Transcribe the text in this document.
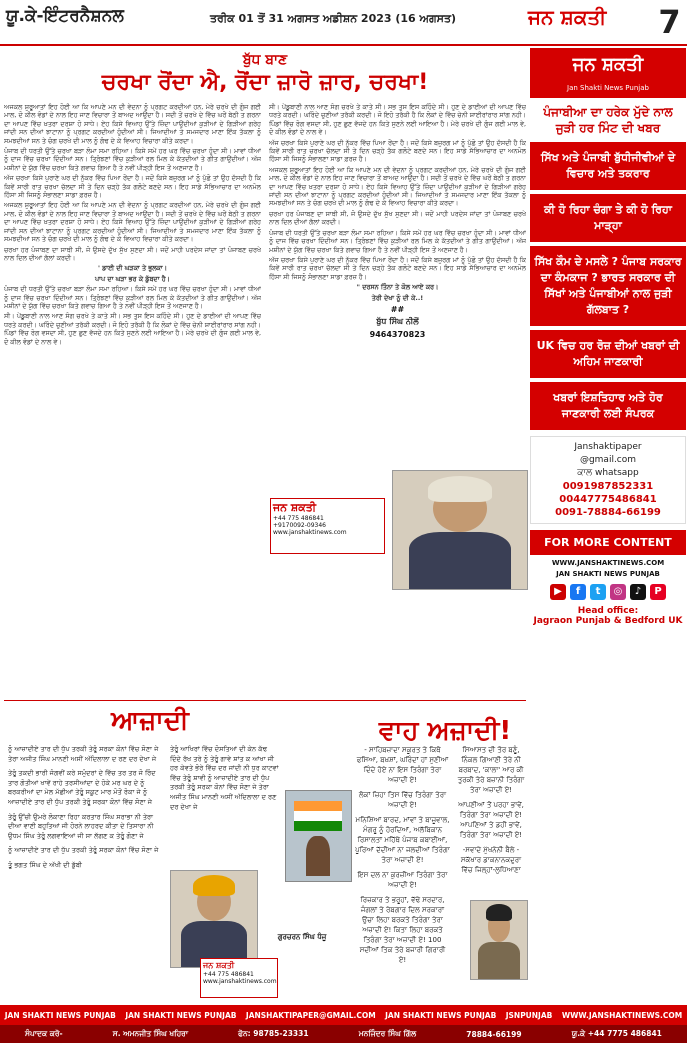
ਯੂ.ਕੇ-ਇੰਟਰਨੈਸ਼ਨਲ	ਤਰੀਕ 01 ਤੋਂ 31 ਅਗਸਤ ਅਡੀਸ਼ਨ 2023 (16 ਅਗਸਤ)	ਜਨ ਸ਼ਕਤੀ 7
ਬੁੱਧ ਬਾਣ
ਚਰਖਾ ਰੋਂਦਾ ਐ, ਰੋਂਦਾ ਜ਼ਾਰੋ ਜ਼ਾਰ, ਚਰਖਾ!

ਅਜਕਲ ਸ਼ੁਰੂਆਤਾਂ ਇਹ ਹੋਈ ਆ ਕਿ ਆਪਣੇ ਮਨ ਦੀ ਵੇਦਨਾ ਨੂੰ ਪ੍ਰਗਟ ਕਰਦੀਆਂ ਹਨ, ਮੇਰੇ ਚਰਖੇ ਦੀ ਗੁੰਜ ਗਈ ਮਾਲ, ਦੋ ਕੀਲ ਵੰਡਾਂ ਦੇ ਨਾਲ ਇਹ ਜਾਣ ਵਿਚਾਰਾ ਤੋਂ ਬਾਅਦ ਆਉਂਦਾ ਹੈ। ਸਦੀ ਤੋਂ ਚਰਖੇ ਦੇ ਵਿੱਚ ਘਰੋਂ ਬੇਠੀ ਤ ਗਰਨਾ ਦਾ ਆਪਣ ਵਿੱਚ ਖ਼ਤਰਾ ਦਰਸ਼ਾ ਹੋ ਸਾਧੇ। ਏਹ ਕਿਸੇ ਵਿਆਹ ਉੱਤੇ ਜ਼ਿੰਦਾ ਪਾਉਂਦੀਆਂ ਕੁੜੀਆਂ ਦੇ ਗਿੜੀਆਂ ਗਰੇਹ ਜਾਂਦੀ ਸਨ ਦੀਆਂ ਝਾਟਾਨਾ ਨੂੰ ਪ੍ਰਗਟ ਕਰਦੀਆਂ ਹੁੰਦੀਆਂ ਸੀ। ਜਿਆਦੀਆਂ ਤੇ ਸਮਜਦਾਰ ਮਾਣਾ ਇੱਕ ਤੱਕਲਾ ਨੂੰ ਸਮਝਦੀਆਂ ਸਨ ਤੇ ਚੰਗ ਚਰਖੇ ਦੀ ਮਾਲ ਨੂੰ ਗੰਢ ਦੇ ਕੇ ਵਿਆਹ ਵਿਚਾਰਾ ਕੀਤੇ ਕਰਦਾ।

ਪੰਜਾਬ ਦੀ ਧਰਤੀ ਉੱਤੇ ਚਰਖਾ ਬੜਾ ਲੰਮਾ ਸਮਾ ਰਹਿਆ। ਕਿਸੇ ਸਮੇਂ ਹਰ ਘਰ ਵਿੱਚ ਚਰਖਾ ਹੁੰਦਾ ਸੀ। ਮਾਵਾਂ ਧੀਆਂ ਨੂੰ ਦਾਜ ਵਿੱਚ ਚਰਖਾ ਦਿੰਦੀਆਂ ਸਨ। ਤ੍ਰਿੰਝਣਾਂ ਵਿੱਚ ਕੁੜੀਆਂ ਰਲ ਮਿਲ ਕੇ ਕੱਤਦੀਆਂ ਤੇ ਗੀਤ ਗਾਉਂਦੀਆਂ। ਅੱਜ ਮਸ਼ੀਨਾਂ ਦੇ ਯੁੱਗ ਵਿੱਚ ਚਰਖਾ ਕਿਤੇ ਗਵਾਚ ਗਿਆ ਹੈ ਤੇ ਨਵੀਂ ਪੀੜ੍ਹੀ ਇਸ ਤੋਂ ਅਣਜਾਣ ਹੈ।

ਅੱਜ ਚਰਖਾ ਕਿਸੇ ਪੁਰਾਣੇ ਘਰ ਦੀ ਨੁੱਕਰ ਵਿੱਚ ਪਿਆ ਰੋਂਦਾ ਹੈ। ਜਦੋਂ ਕਿਸੇ ਬਜ਼ੁਰਗ ਮਾਂ ਨੂੰ ਪੁੱਛੋ ਤਾਂ ਉਹ ਦੱਸਦੀ ਹੈ ਕਿ ਕਿਵੇਂ ਸਾਰੀ ਰਾਤ ਚਰਖਾ ਚੱਲਦਾ ਸੀ ਤੇ ਦਿਨ ਚੜ੍ਹੇ ਤੱਕ ਗਲੋਟੇ ਬਣਦੇ ਸਨ। ਇਹ ਸਾਡੇ ਸੱਭਿਆਚਾਰ ਦਾ ਅਨਮੋਲ ਹਿੱਸਾ ਸੀ ਜਿਸਨੂੰ ਸੰਭਾਲਣਾ ਸਾਡਾ ਫ਼ਰਜ਼ ਹੈ।

ਅਜਕਲ ਸ਼ੁਰੂਆਤਾਂ ਇਹ ਹੋਈ ਆ ਕਿ ਆਪਣੇ ਮਨ ਦੀ ਵੇਦਨਾ ਨੂੰ ਪ੍ਰਗਟ ਕਰਦੀਆਂ ਹਨ, ਮੇਰੇ ਚਰਖੇ ਦੀ ਗੁੰਜ ਗਈ ਮਾਲ, ਦੋ ਕੀਲ ਵੰਡਾਂ ਦੇ ਨਾਲ ਇਹ ਜਾਣ ਵਿਚਾਰਾ ਤੋਂ ਬਾਅਦ ਆਉਂਦਾ ਹੈ। ਸਦੀ ਤੋਂ ਚਰਖੇ ਦੇ ਵਿੱਚ ਘਰੋਂ ਬੇਠੀ ਤ ਗਰਨਾ ਦਾ ਆਪਣ ਵਿੱਚ ਖ਼ਤਰਾ ਦਰਸ਼ਾ ਹੋ ਸਾਧੇ। ਏਹ ਕਿਸੇ ਵਿਆਹ ਉੱਤੇ ਜ਼ਿੰਦਾ ਪਾਉਂਦੀਆਂ ਕੁੜੀਆਂ ਦੇ ਗਿੜੀਆਂ ਗਰੇਹ ਜਾਂਦੀ ਸਨ ਦੀਆਂ ਝਾਟਾਨਾ ਨੂੰ ਪ੍ਰਗਟ ਕਰਦੀਆਂ ਹੁੰਦੀਆਂ ਸੀ। ਜਿਆਦੀਆਂ ਤੇ ਸਮਜਦਾਰ ਮਾਣਾ ਇੱਕ ਤੱਕਲਾ ਨੂੰ ਸਮਝਦੀਆਂ ਸਨ ਤੇ ਚੰਗ ਚਰਖੇ ਦੀ ਮਾਲ ਨੂੰ ਗੰਢ ਦੇ ਕੇ ਵਿਆਹ ਵਿਚਾਰਾ ਕੀਤੇ ਕਰਦਾ।

ਚਰਖਾ ਹਰ ਪੰਜਾਬਣ ਦਾ ਸਾਥੀ ਸੀ, ਜੋ ਉਸਦੇ ਦੁੱਖ ਸੁੱਖ ਸੁਣਦਾ ਸੀ। ਜਦੋਂ ਮਾਹੀ ਪਰਦੇਸ ਜਾਂਦਾ ਤਾਂ ਪੰਜਾਬਣ ਚਰਖੇ ਨਾਲ ਦਿਲ ਦੀਆਂ ਗੱਲਾਂ ਕਰਦੀ।

' ਡਾਈ ਦੀ ਘੜਕਾ ਤੇ ਭੁਲਕਾ।

ਪਾਪ ਦਾ ਘੜਾ ਭਰ ਕੇ ਡੁੱਬਦਾ ਹੈ।

ਪੰਜਾਬ ਦੀ ਧਰਤੀ ਉੱਤੇ ਚਰਖਾ ਬੜਾ ਲੰਮਾ ਸਮਾ ਰਹਿਆ। ਕਿਸੇ ਸਮੇਂ ਹਰ ਘਰ ਵਿੱਚ ਚਰਖਾ ਹੁੰਦਾ ਸੀ। ਮਾਵਾਂ ਧੀਆਂ ਨੂੰ ਦਾਜ ਵਿੱਚ ਚਰਖਾ ਦਿੰਦੀਆਂ ਸਨ। ਤ੍ਰਿੰਝਣਾਂ ਵਿੱਚ ਕੁੜੀਆਂ ਰਲ ਮਿਲ ਕੇ ਕੱਤਦੀਆਂ ਤੇ ਗੀਤ ਗਾਉਂਦੀਆਂ। ਅੱਜ ਮਸ਼ੀਨਾਂ ਦੇ ਯੁੱਗ ਵਿੱਚ ਚਰਖਾ ਕਿਤੇ ਗਵਾਚ ਗਿਆ ਹੈ ਤੇ ਨਵੀਂ ਪੀੜ੍ਹੀ ਇਸ ਤੋਂ ਅਣਜਾਣ ਹੈ।

ਸੀ। ਪੇਂਡੂਬਾਣੀ ਨਾਲ ਆਣ ਸੰਗ ਚਰਖੇ ਤੇ ਕਾਤੇ ਸੀ। ਸਭ ਤੁਸ ਇਸ ਕਹਿੰਦੇ ਸੀ। ਹੁਣ ਦੇ ਡਾਈਆਂ ਦੀ ਆਪਣ ਵਿੱਚ ਧਰਤੇ ਕਰਦੀ। ਘਰਿੰਦੇ ਚੁਣੀਆਂ ਤਰੱਕੀ ਕਰਦੀ। ਜੋ ਇਹੋ ਤਰੱਕੀ ਹੈ ਕਿ ਲੋਕਾਂ ਦੇ ਵਿੱਚ ਚੇਨੀ ਸ਼ਾਈਰਾਂਰਾਰ ਸਾਂਗ ਨਹੀ। ਪਿੰਡਾਂ ਵਿੱਚ ਰੋਗ ਵਸਦਾ ਸੀ, ਹੁਣ ਛੁਣ ਵੱਜਦੇ ਹਨ ਕਿਤੇ ਸੁਣਨੇ ਲਈ ਆਇਆ ਹੈ। ਮੇਰੇ ਚਰਖੇ ਦੀ ਗੁੰਜ ਗਈ ਮਾਲ ਵੇ, ਦੋ ਕੀਲ ਵੰਡਾਂ ਦੇ ਨਾਲ ਵੇ।

ਸੀ। ਪੇਂਡੂਬਾਣੀ ਨਾਲ ਆਣ ਸੰਗ ਚਰਖੇ ਤੇ ਕਾਤੇ ਸੀ। ਸਭ ਤੁਸ ਇਸ ਕਹਿੰਦੇ ਸੀ। ਹੁਣ ਦੇ ਡਾਈਆਂ ਦੀ ਆਪਣ ਵਿੱਚ ਧਰਤੇ ਕਰਦੀ। ਘਰਿੰਦੇ ਚੁਣੀਆਂ ਤਰੱਕੀ ਕਰਦੀ। ਜੋ ਇਹੋ ਤਰੱਕੀ ਹੈ ਕਿ ਲੋਕਾਂ ਦੇ ਵਿੱਚ ਚੇਨੀ ਸ਼ਾਈਰਾਂਰਾਰ ਸਾਂਗ ਨਹੀ। ਪਿੰਡਾਂ ਵਿੱਚ ਰੋਗ ਵਸਦਾ ਸੀ, ਹੁਣ ਛੁਣ ਵੱਜਦੇ ਹਨ ਕਿਤੇ ਸੁਣਨੇ ਲਈ ਆਇਆ ਹੈ। ਮੇਰੇ ਚਰਖੇ ਦੀ ਗੁੰਜ ਗਈ ਮਾਲ ਵੇ, ਦੋ ਕੀਲ ਵੰਡਾਂ ਦੇ ਨਾਲ ਵੇ।

ਅੱਜ ਚਰਖਾ ਕਿਸੇ ਪੁਰਾਣੇ ਘਰ ਦੀ ਨੁੱਕਰ ਵਿੱਚ ਪਿਆ ਰੋਂਦਾ ਹੈ। ਜਦੋਂ ਕਿਸੇ ਬਜ਼ੁਰਗ ਮਾਂ ਨੂੰ ਪੁੱਛੋ ਤਾਂ ਉਹ ਦੱਸਦੀ ਹੈ ਕਿ ਕਿਵੇਂ ਸਾਰੀ ਰਾਤ ਚਰਖਾ ਚੱਲਦਾ ਸੀ ਤੇ ਦਿਨ ਚੜ੍ਹੇ ਤੱਕ ਗਲੋਟੇ ਬਣਦੇ ਸਨ। ਇਹ ਸਾਡੇ ਸੱਭਿਆਚਾਰ ਦਾ ਅਨਮੋਲ ਹਿੱਸਾ ਸੀ ਜਿਸਨੂੰ ਸੰਭਾਲਣਾ ਸਾਡਾ ਫ਼ਰਜ਼ ਹੈ।

ਅਜਕਲ ਸ਼ੁਰੂਆਤਾਂ ਇਹ ਹੋਈ ਆ ਕਿ ਆਪਣੇ ਮਨ ਦੀ ਵੇਦਨਾ ਨੂੰ ਪ੍ਰਗਟ ਕਰਦੀਆਂ ਹਨ, ਮੇਰੇ ਚਰਖੇ ਦੀ ਗੁੰਜ ਗਈ ਮਾਲ, ਦੋ ਕੀਲ ਵੰਡਾਂ ਦੇ ਨਾਲ ਇਹ ਜਾਣ ਵਿਚਾਰਾ ਤੋਂ ਬਾਅਦ ਆਉਂਦਾ ਹੈ। ਸਦੀ ਤੋਂ ਚਰਖੇ ਦੇ ਵਿੱਚ ਘਰੋਂ ਬੇਠੀ ਤ ਗਰਨਾ ਦਾ ਆਪਣ ਵਿੱਚ ਖ਼ਤਰਾ ਦਰਸ਼ਾ ਹੋ ਸਾਧੇ। ਏਹ ਕਿਸੇ ਵਿਆਹ ਉੱਤੇ ਜ਼ਿੰਦਾ ਪਾਉਂਦੀਆਂ ਕੁੜੀਆਂ ਦੇ ਗਿੜੀਆਂ ਗਰੇਹ ਜਾਂਦੀ ਸਨ ਦੀਆਂ ਝਾਟਾਨਾ ਨੂੰ ਪ੍ਰਗਟ ਕਰਦੀਆਂ ਹੁੰਦੀਆਂ ਸੀ। ਜਿਆਦੀਆਂ ਤੇ ਸਮਜਦਾਰ ਮਾਣਾ ਇੱਕ ਤੱਕਲਾ ਨੂੰ ਸਮਝਦੀਆਂ ਸਨ ਤੇ ਚੰਗ ਚਰਖੇ ਦੀ ਮਾਲ ਨੂੰ ਗੰਢ ਦੇ ਕੇ ਵਿਆਹ ਵਿਚਾਰਾ ਕੀਤੇ ਕਰਦਾ।

ਚਰਖਾ ਹਰ ਪੰਜਾਬਣ ਦਾ ਸਾਥੀ ਸੀ, ਜੋ ਉਸਦੇ ਦੁੱਖ ਸੁੱਖ ਸੁਣਦਾ ਸੀ। ਜਦੋਂ ਮਾਹੀ ਪਰਦੇਸ ਜਾਂਦਾ ਤਾਂ ਪੰਜਾਬਣ ਚਰਖੇ ਨਾਲ ਦਿਲ ਦੀਆਂ ਗੱਲਾਂ ਕਰਦੀ।

ਪੰਜਾਬ ਦੀ ਧਰਤੀ ਉੱਤੇ ਚਰਖਾ ਬੜਾ ਲੰਮਾ ਸਮਾ ਰਹਿਆ। ਕਿਸੇ ਸਮੇਂ ਹਰ ਘਰ ਵਿੱਚ ਚਰਖਾ ਹੁੰਦਾ ਸੀ। ਮਾਵਾਂ ਧੀਆਂ ਨੂੰ ਦਾਜ ਵਿੱਚ ਚਰਖਾ ਦਿੰਦੀਆਂ ਸਨ। ਤ੍ਰਿੰਝਣਾਂ ਵਿੱਚ ਕੁੜੀਆਂ ਰਲ ਮਿਲ ਕੇ ਕੱਤਦੀਆਂ ਤੇ ਗੀਤ ਗਾਉਂਦੀਆਂ। ਅੱਜ ਮਸ਼ੀਨਾਂ ਦੇ ਯੁੱਗ ਵਿੱਚ ਚਰਖਾ ਕਿਤੇ ਗਵਾਚ ਗਿਆ ਹੈ ਤੇ ਨਵੀਂ ਪੀੜ੍ਹੀ ਇਸ ਤੋਂ ਅਣਜਾਣ ਹੈ।

ਅੱਜ ਚਰਖਾ ਕਿਸੇ ਪੁਰਾਣੇ ਘਰ ਦੀ ਨੁੱਕਰ ਵਿੱਚ ਪਿਆ ਰੋਂਦਾ ਹੈ। ਜਦੋਂ ਕਿਸੇ ਬਜ਼ੁਰਗ ਮਾਂ ਨੂੰ ਪੁੱਛੋ ਤਾਂ ਉਹ ਦੱਸਦੀ ਹੈ ਕਿ ਕਿਵੇਂ ਸਾਰੀ ਰਾਤ ਚਰਖਾ ਚੱਲਦਾ ਸੀ ਤੇ ਦਿਨ ਚੜ੍ਹੇ ਤੱਕ ਗਲੋਟੇ ਬਣਦੇ ਸਨ। ਇਹ ਸਾਡੇ ਸੱਭਿਆਚਾਰ ਦਾ ਅਨਮੋਲ ਹਿੱਸਾ ਸੀ ਜਿਸਨੂੰ ਸੰਭਾਲਣਾ ਸਾਡਾ ਫ਼ਰਜ਼ ਹੈ।

" ਦਰਸਨ ਤਿੰਨਾ ਤੇ ਕੋਲ ਆਏ ਕਰ।

ਤੇਰੀ ਦੇਖਾ ਨੂੰ ਦੀ ਕੇ..!

##
ਬੁੱਧ ਸਿੰਘ ਨੀਲੋਂ
9464370823
ਜਨ ਸ਼ਕਤੀ
+44 775 486841
+9170092-09346
www.janshaktinews.com
ਜਨ ਸ਼ਕਤੀ
Jan Shakti News Punjab
ਪੰਜਾਬੀਆ ਦਾ ਹਰੇਕ ਮੁੱਦੇ ਨਾਲ ਜੁੜੀ ਹਰ ਮਿੰਟ ਦੀ ਖਬਰ
ਸਿੱਖ ਅਤੇ ਪੰਜਾਬੀ ਬੁੱਧੀਜੀਵੀਆਂ ਦੇ ਵਿਚਾਰ ਅਤੇ ਤਕਰਾਰ
ਕੀ ਹੋ ਰਿਹਾ ਚੰਗਾ ਤੇ ਕੀ ਹੋ ਰਿਹਾ ਮਾੜ੍ਹਾ
ਸਿੱਖ ਕੌਮ ਦੇ ਮਸਲੇ ? ਪੰਜਾਬ ਸਰਕਾਰ ਦਾ ਕੰਮਕਾਜ ? ਭਾਰਤ ਸਰਕਾਰ ਦੀ ਸਿੱਖਾਂ ਅਤੇ ਪੰਜਾਬੀਆਂ ਨਾਲ ਜੁੜੀ ਗੱਲਬਾਤ ?
UK ਵਿਚ ਹਰ ਰੋਜ਼ ਦੀਆਂ ਖਬਰਾਂ ਦੀ ਅਹਿਮ ਜਾਣਕਾਰੀ
ਖਬਰਾਂ ਇਸ਼ਤਿਹਾਰ ਅਤੇ ਹੋਰ ਜਾਣਕਾਰੀ ਲਈ ਸੰਪਰਕ
Janshaktipaper
@gmail.com
ਕਾਲ whatsapp
0091987852331
00447775486841
0091-78884-66199
FOR MORE CONTENT
WWW.JANSHAKTINEWS.COM
JAN SHAKTI NEWS PUNJAB
▶	f	t	◎	♪	P
Head office:
Jagraon Punjab & Bedford UK
ਆਜ਼ਾਦੀ

ਨੂੰ ਆਜ਼ਾਦੀਏ ਤਾਰ ਦੀ ਧੁੱਪ ਤਰਕੀ ਤੇਰੂੰ ਸਰਕਾ ਕੋਨਾਂ ਵਿੱਚ ਸੋਣਾ ਜੇ ਤੇਰਾ ਅਜੀਤ ਸਿੰਘ ਮਾਨਣੀ ਅਸੀਂ ਅੱਦਿਲਾਲਾ ਦ ਰਣ ਦਰ ਦੇਖਾ ਜੇ

ਤੇਰੂੰ ਤਕਦੀ ਭਾਰੀ ਜੰਗਵੀਂ ਕਰੇ ਸਮੁੰਦਰਾਂ ਦੇ ਵਿੱਚ ਤਰ ਤਰ ਜੋ ਰਿੰਦ ਤਾਰ ਗੋਤੀਆਂ ਖਾਵੇਂ ਰਾਹੇ ਤਰਸੀਆਂਦਾ ਦੇ ਹੋਕੇ ਮਰ ਘਰ ਦੇ ਨੂੰ ਬਰਕਰੀਆਂ ਦਾ ਮੇਲ ਮੱਛੀਆਂ ਤੇਰੂੰ ਸਕੂਟ ਮਾਰ ਮੋਤੋਂ ਰੋਕਾ ਜੇ ਨੂੰ ਆਜ਼ਾਦੀਏ ਤਾਰ ਦੀ ਧੁੱਪ ਤਰਕੀ ਤੇਰੂੰ ਸਰਕਾ ਕੋਨਾਂ ਵਿੱਚ ਸੋਣਾ ਜੇ

ਤੇਰੂੰ ਉੱਚੀ ਉਮਰੇ ਲੋਕਾਣਾ ਰਿਹਾ ਕਰਤਾਰ ਸਿੰਘ ਸਰਾਭਾ ਨੀ ਤੇਰਾ ਦੀਆ ਵਾਣੀ ਬਹੁਤਿਆਂ ਜੀ ਹੋਰਨੇ ਲਾਹਰਦ ਕੀਤਾ ਦੇ ਤਿਸਾਰਾ ਨੀ ਉਧਮ ਸਿੰਘ ਤੇਰੂੰ ਲਗਵਾਇਆਂ ਜੀ ਸਾ ਲੱਗਣ ਕ ਤੇਰੂੰ ਗੋਣਾ ਜੇ

ਨੂੰ ਆਜ਼ਾਦੀਏ ਤਾਰ ਦੀ ਧੁੱਪ ਤਰਕੀ ਤੇਰੂੰ ਸਰਕਾ ਕੋਨਾਂ ਵਿੱਚ ਸੋਣਾ ਜੇ

ਤੂੰ ਭਗਤ ਸਿੰਘ ਦੇ ਅੱਖੀ ਦੀ ਡੁੱਬੀ

ਤੇਰੂੰ ਆਖਿਰਾਂ ਵਿੱਚ ਦੋਸਤਿਆਂ ਦੀ ਕੇਨ ਕੱਢ ਦਿੰਦੇ ਰੱਖ ਤਰੇ ਨੂੰ ਤੇਰੂੰ ਗਾਵੇ ਸ਼ਾਂਤ ਕ ਆਂਖਾ ਜੀ ਹਰ ਕੇਵਤੇ ਭੋਰੇ ਵਿੱਚ ਦਰ ਜਾਂਦੀ ਨੀ ਧੁਰ ਕਾਟਵਾਂ ਵਿੱਚ ਤੇਰੂੰ ਸ਼ਾਵੀ ਨੂੰ ਆਜ਼ਾਦੀਏ ਤਾਰ ਦੀ ਧੁੱਪ ਤਰਕੀ ਤੇਰੂੰ ਸਰਕਾ ਕੋਨਾਂ ਵਿੱਚ ਸੋਣਾ ਜੇ ਤੇਰਾ ਅਜੀਤ ਸਿੰਘ ਮਾਨਣੀ ਅਸੀਂ ਅੱਦਿਲਾਲਾ ਦ ਰਣ ਦਰ ਦੇਖਾ ਜੇ

ਜਨ ਸ਼ਕਤੀ
+44 775 486841
www.janshaktinews.com
ਗੁਰਚਰਨ ਸਿੰਘ ਧੰਜੂ
ਵਾਹ ਅਜ਼ਾਦੀ!

- ਸਾਹਿਬਜ਼ਾਦਾ ਸਕੂਰਤ ਤੇ ਕਿਥੋ ਫਸਿਆ, ਬਖ਼ਸ਼ਾਂ, ਘਰਿੰਦਾਂ ਹਾਂ ਸੁਣੀਆਂ ਦਿੰਦੇ ਹੋਏ ਨਾ ਇਸ ਤਿਰੰਗਾ ਤੇਰਾ ਅਜ਼ਾਦੀ ਏ!

ਲੋਕਾਂ ਜ਼ਿਹਾ ਤਿਸ ਵਿੱਚ ਤਿਰੰਗਾ ਤੇਰਾ ਅਜ਼ਾਦੀ ਏ!

ਮਨਿਸ਼ਿਆਂ ਬਾਰਦ, ਮਾਂਵਾਂ ਤੇ ਬਾਜ਼ੂਵਾਲ, ਮੰਗਰੂ ਨੂੰ ਹੋਰਦਿਆਂ, ਅਲੱਬਿਕਾਨ ਰਿਸਾਲਤਾਂ ਮਹਿੱਥੇ ਪੰਜਾਬ ਕਬਾਈਆਂ, ਪੂਰਿਆਂ ਦੱਦੀਆਂ ਨਾ ਜਲਦੀਆਂ ਤਿਰੰਗਾ ਤੇਰਾ ਅਜ਼ਾਦੀ ਏ!

ਇਸ ਦਲ ਨਾ ਕੁਰਜ਼ੀਆ ਤਿਰੰਗਾ ਤੇਰਾ ਅਜ਼ਾਦੀ ਏ!

ਰਿਜ਼ਕਾਰ ਤੇ ਭਰੂਹਾਂ, ਵੱਢੇ ਸਰਦਾਰ, ਜੰਗਲਾਂ ਤੇ ਰੇਬਗਾਰ ਦਿਲ ਸਰਕਾਰਾਂ ਉਚਾ ਲਿਹਾ ਬਰਕਤੇ ਤਿਰੰਗਾ ਤੇਰਾ ਅਜ਼ਾਦੀ ਏ! ਕਿਤਾ ਲਿਹਾ ਬਰਕਤੇ ਤਿਰੰਗਾ ਤੇਰਾ ਅਜ਼ਾਦੀ ਏ! 100 ਸਦੀਆਂ ਤਿਕ ਤੇਰੇ ਬਜਾਰੀ ਗਿਰਾਰੀ ਏ!

ਸਿਆਸਤ ਦੀ ਤੋਰ ਬਣੂੰ, ਨਿੰਕਲ ਗਿਆਣੀ ਤੇਰੇ ਨੀ ਬਰਬਾਦ, 'ਕਾਲਾ' ਆਰ ਕੀ ਤੁਰਕੀ ਤੇਰੇ ਬਜ਼ਾਨੀ ਤਿਰੰਗਾ ਤੇਰਾ ਅਜ਼ਾਦੀ ਏ!

ਆਪਣੀਆਂ ਤੋਂ ਪਰਹਾ ਭਾਵੇਂ, ਤਿਰੰਗਾ ਤੇਰਾ ਅਜ਼ਾਦੀ ਏ! ਆਪਣਿਆਂ ਤੇ ਡਹੀ ਭਾਵੇਂ, ਤਿਰੰਗਾ ਤੇਰਾ ਅਜ਼ਾਦੀ ਏ!

-ਸਵਾਦੇ ਮੁੱਖਨੇਨੀ ਬੈਲੇ - ਸਕੱਖਾਰ ਡਾਕਨਾਨਕਦੁਰਾ ਵਿੱਚ ਜਿਲ੍ਹਾਂ-ਲੁਧਿਆਣਾ

JAN SHAKTI NEWS PUNJAB JAN SHAKTI NEWS PUNJAB JANSHAKTIPAPER@GMAIL.COM JAN SHAKTI NEWS PUNJAB JSNPUNJAB WWW.JANSHAKTINEWS.COM
ਸੰਪਾਦਕ ਕਰੋ-	ਸ. ਅਮਨਜੀਤ ਸਿੰਘ ਖਹਿਰਾ	ਫੋਨ: 98785-23331	ਮਨਜਿੰਦਰ ਸਿੰਘ ਗਿੱਲ	78884-66199	ਯੂ.ਕੇ +44 7775 486841
